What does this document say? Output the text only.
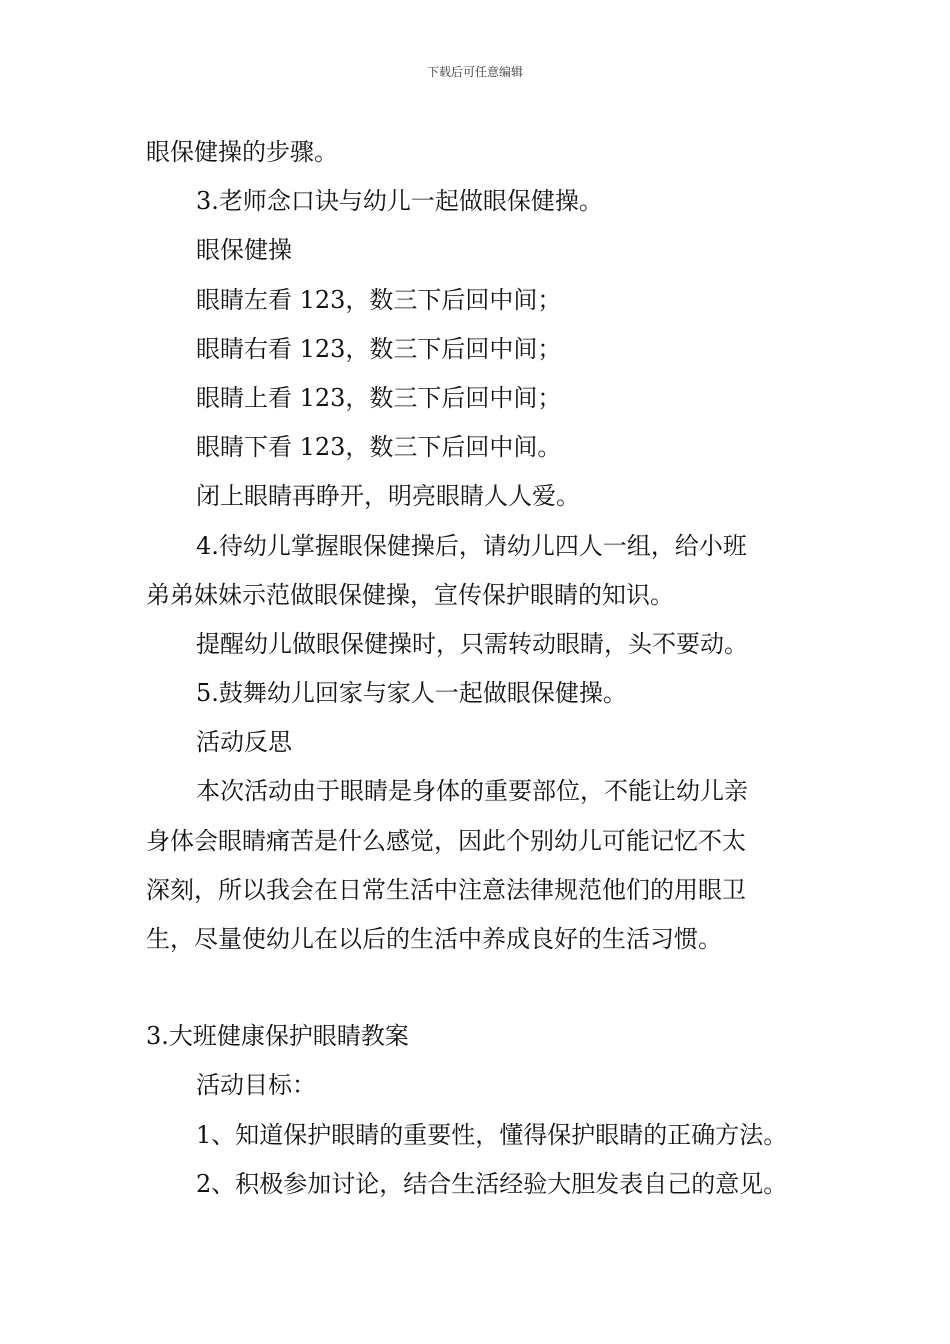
下载后可任意编辑

眼保健操的步骤。

3.老师念口诀与幼儿一起做眼保健操。

眼保健操

眼睛左看 123，数三下后回中间；

眼睛右看 123，数三下后回中间；

眼睛上看 123，数三下后回中间；

眼睛下看 123，数三下后回中间。

闭上眼睛再睁开，明亮眼睛人人爱。

4.待幼儿掌握眼保健操后，请幼儿四人一组，给小班

弟弟妹妹示范做眼保健操，宣传保护眼睛的知识。

提醒幼儿做眼保健操时，只需转动眼睛，头不要动。

5.鼓舞幼儿回家与家人一起做眼保健操。

活动反思

本次活动由于眼睛是身体的重要部位，不能让幼儿亲

身体会眼睛痛苦是什么感觉，因此个别幼儿可能记忆不太

深刻，所以我会在日常生活中注意法律规范他们的用眼卫

生，尽量使幼儿在以后的生活中养成良好的生活习惯。

3.大班健康保护眼睛教案

活动目标：

1、知道保护眼睛的重要性，懂得保护眼睛的正确方法。

2、积极参加讨论，结合生活经验大胆发表自己的意见。
